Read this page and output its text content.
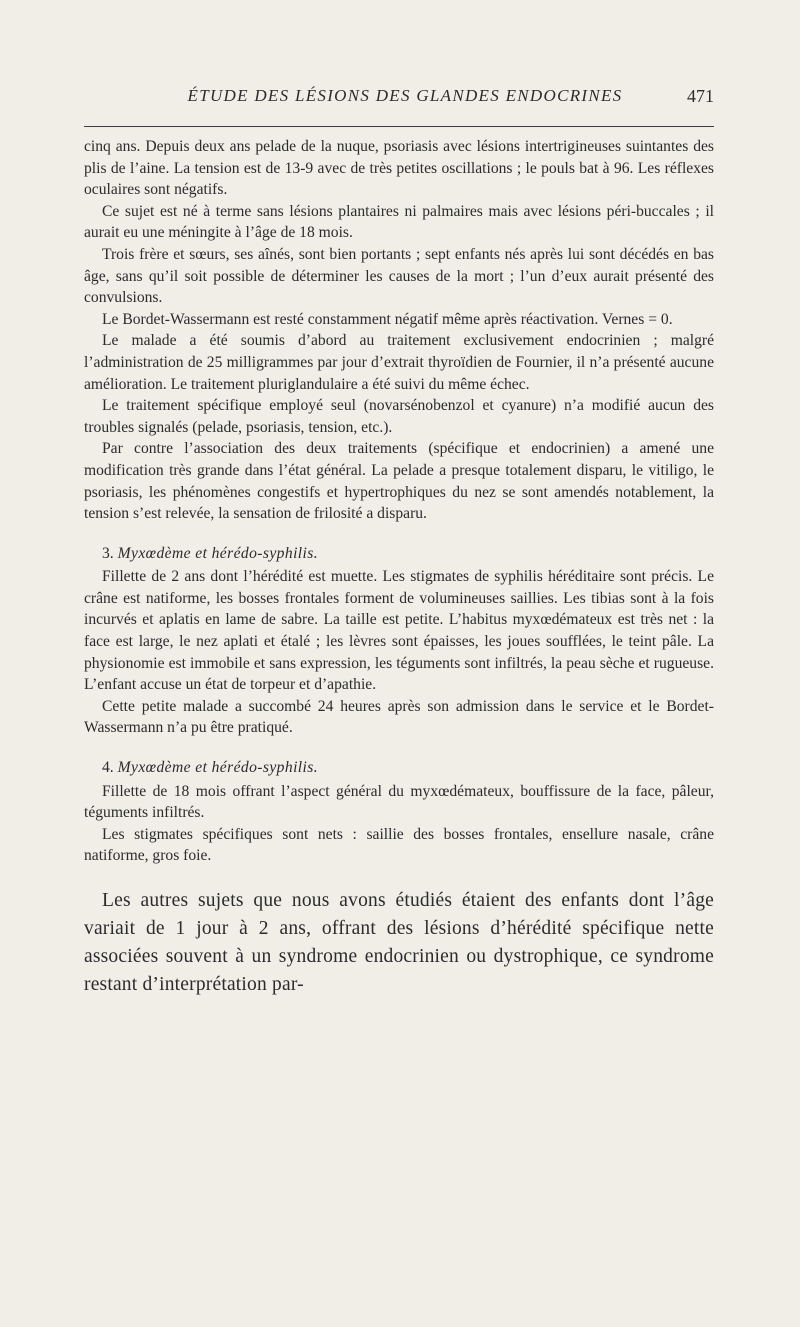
ÉTUDE DES LÉSIONS DES GLANDES ENDOCRINES	471

cinq ans. Depuis deux ans pelade de la nuque, psoriasis avec lésions intertrigineuses suintantes des plis de l’aine. La tension est de 13-9 avec de très petites oscillations ; le pouls bat à 96. Les réflexes oculaires sont négatifs.

Ce sujet est né à terme sans lésions plantaires ni palmaires mais avec lésions péri-buccales ; il aurait eu une méningite à l’âge de 18 mois.

Trois frère et sœurs, ses aînés, sont bien portants ; sept enfants nés après lui sont décédés en bas âge, sans qu’il soit possible de déterminer les causes de la mort ; l’un d’eux aurait présenté des convulsions.

Le Bordet-Wassermann est resté constamment négatif même après réactivation. Vernes = 0.

Le malade a été soumis d’abord au traitement exclusivement endocrinien ; malgré l’administration de 25 milligrammes par jour d’extrait thyroïdien de Fournier, il n’a présenté aucune amélioration. Le traitement pluriglandulaire a été suivi du même échec.

Le traitement spécifique employé seul (novarsénobenzol et cyanure) n’a modifié aucun des troubles signalés (pelade, psoriasis, tension, etc.).

Par contre l’association des deux traitements (spécifique et endocrinien) a amené une modification très grande dans l’état général. La pelade a presque totalement disparu, le vitiligo, le psoriasis, les phénomènes congestifs et hypertrophiques du nez se sont amendés notablement, la tension s’est relevée, la sensation de frilosité a disparu.

3. Myxœdème et hérédo-syphilis.

Fillette de 2 ans dont l’hérédité est muette. Les stigmates de syphilis héréditaire sont précis. Le crâne est natiforme, les bosses frontales forment de volumineuses saillies. Les tibias sont à la fois incurvés et aplatis en lame de sabre. La taille est petite. L’habitus myxœdémateux est très net : la face est large, le nez aplati et étalé ; les lèvres sont épaisses, les joues soufflées, le teint pâle. La physionomie est immobile et sans expression, les téguments sont infiltrés, la peau sèche et rugueuse. L’enfant accuse un état de torpeur et d’apathie.

Cette petite malade a succombé 24 heures après son admission dans le service et le Bordet-Wassermann n’a pu être pratiqué.

4. Myxœdème et hérédo-syphilis.

Fillette de 18 mois offrant l’aspect général du myxœdémateux, bouffissure de la face, pâleur, téguments infiltrés.

Les stigmates spécifiques sont nets : saillie des bosses frontales, ensellure nasale, crâne natiforme, gros foie.

Les autres sujets que nous avons étudiés étaient des enfants dont l’âge variait de 1 jour à 2 ans, offrant des lésions d’hérédité spécifique nette associées souvent à un syndrome endocrinien ou dystrophique, ce syndrome restant d’interprétation par-
